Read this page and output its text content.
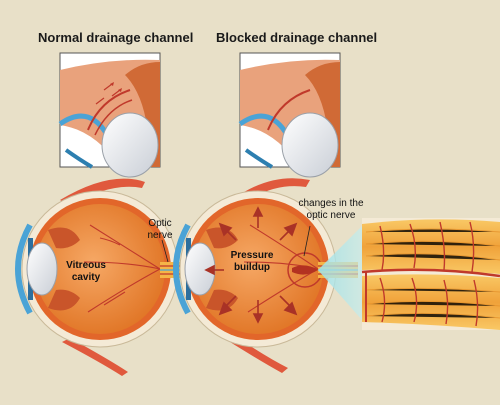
Normal drainage channel Blocked drainage channel
Optic
nerve
Vitreous
cavity
Pressure
buildup
changes in the
optic nerve
